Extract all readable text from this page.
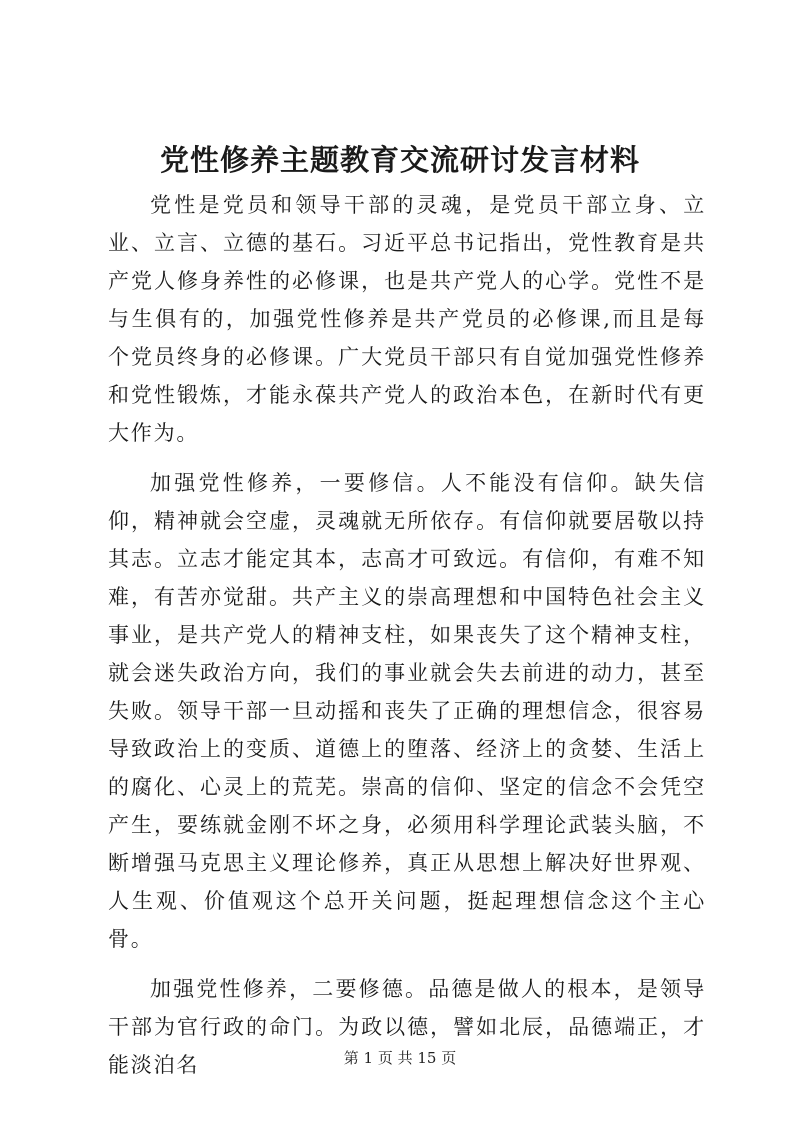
党性修养主题教育交流研讨发言材料

党性是党员和领导干部的灵魂，是党员干部立身、立业、立言、立德的基石。习近平总书记指出，党性教育是共产党人修身养性的必修课，也是共产党人的心学。党性不是与生俱有的，加强党性修养是共产党员的必修课,而且是每个党员终身的必修课。广大党员干部只有自觉加强党性修养和党性锻炼，才能永葆共产党人的政治本色，在新时代有更大作为。

加强党性修养，一要修信。人不能没有信仰。缺失信仰，精神就会空虚，灵魂就无所依存。有信仰就要居敬以持其志。立志才能定其本，志高才可致远。有信仰，有难不知难，有苦亦觉甜。共产主义的崇高理想和中国特色社会主义事业，是共产党人的精神支柱，如果丧失了这个精神支柱，就会迷失政治方向，我们的事业就会失去前进的动力，甚至失败。领导干部一旦动摇和丧失了正确的理想信念，很容易导致政治上的变质、道德上的堕落、经济上的贪婪、生活上的腐化、心灵上的荒芜。崇高的信仰、坚定的信念不会凭空产生，要练就金刚不坏之身，必须用科学理论武装头脑，不断增强马克思主义理论修养，真正从思想上解决好世界观、人生观、价值观这个总开关问题，挺起理想信念这个主心骨。

加强党性修养，二要修德。品德是做人的根本，是领导干部为官行政的命门。为政以德，譬如北辰，品德端正，才能淡泊名	第 1 页 共 15 页
